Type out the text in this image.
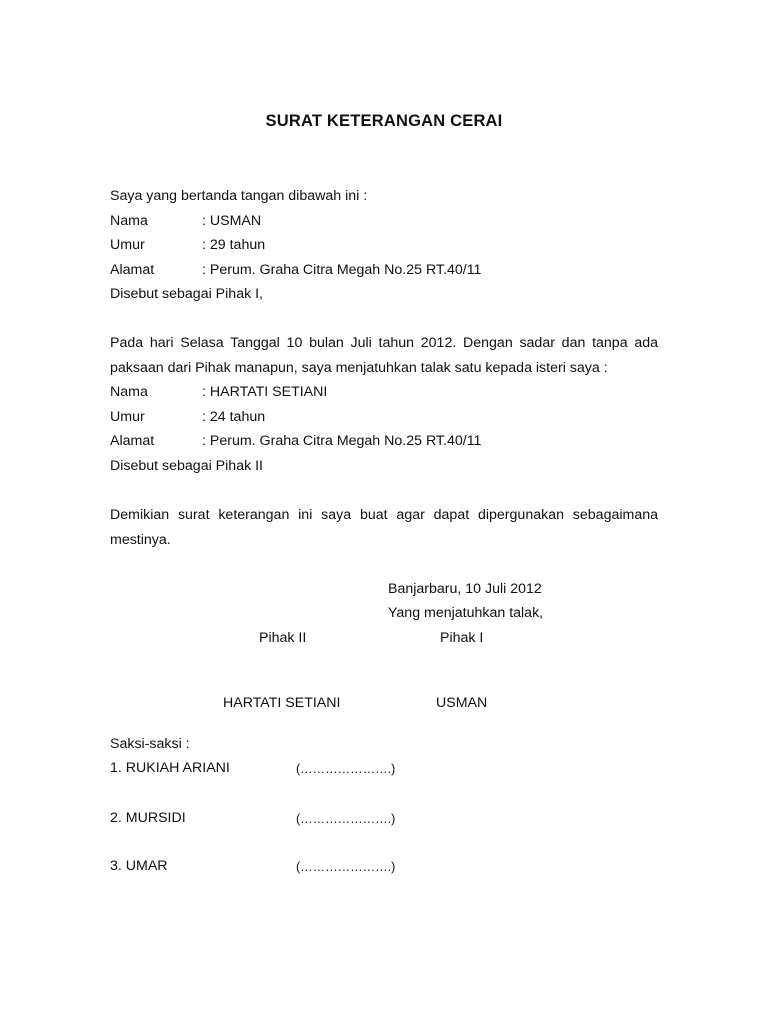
SURAT KETERANGAN CERAI
Saya yang bertanda tangan dibawah ini :
Nama	: USMAN
Umur	: 29 tahun
Alamat	: Perum. Graha Citra Megah No.25 RT.40/11
Disebut sebagai Pihak I,
Pada hari Selasa Tanggal 10 bulan Juli tahun 2012. Dengan sadar dan tanpa ada
paksaan dari Pihak manapun, saya menjatuhkan talak satu kepada isteri saya :
Nama	: HARTATI SETIANI
Umur	: 24 tahun
Alamat	: Perum. Graha Citra Megah No.25 RT.40/11
Disebut sebagai Pihak II
Demikian surat keterangan ini saya buat agar dapat dipergunakan sebagaimana
mestinya.
Banjarbaru, 10 Juli 2012
Yang menjatuhkan talak,
Pihak II	Pihak I
HARTATI SETIANI	USMAN
Saksi-saksi :
1. RUKIAH ARIANI	(………………….)
2. MURSIDI	(………………….)
3. UMAR	(………………….)
